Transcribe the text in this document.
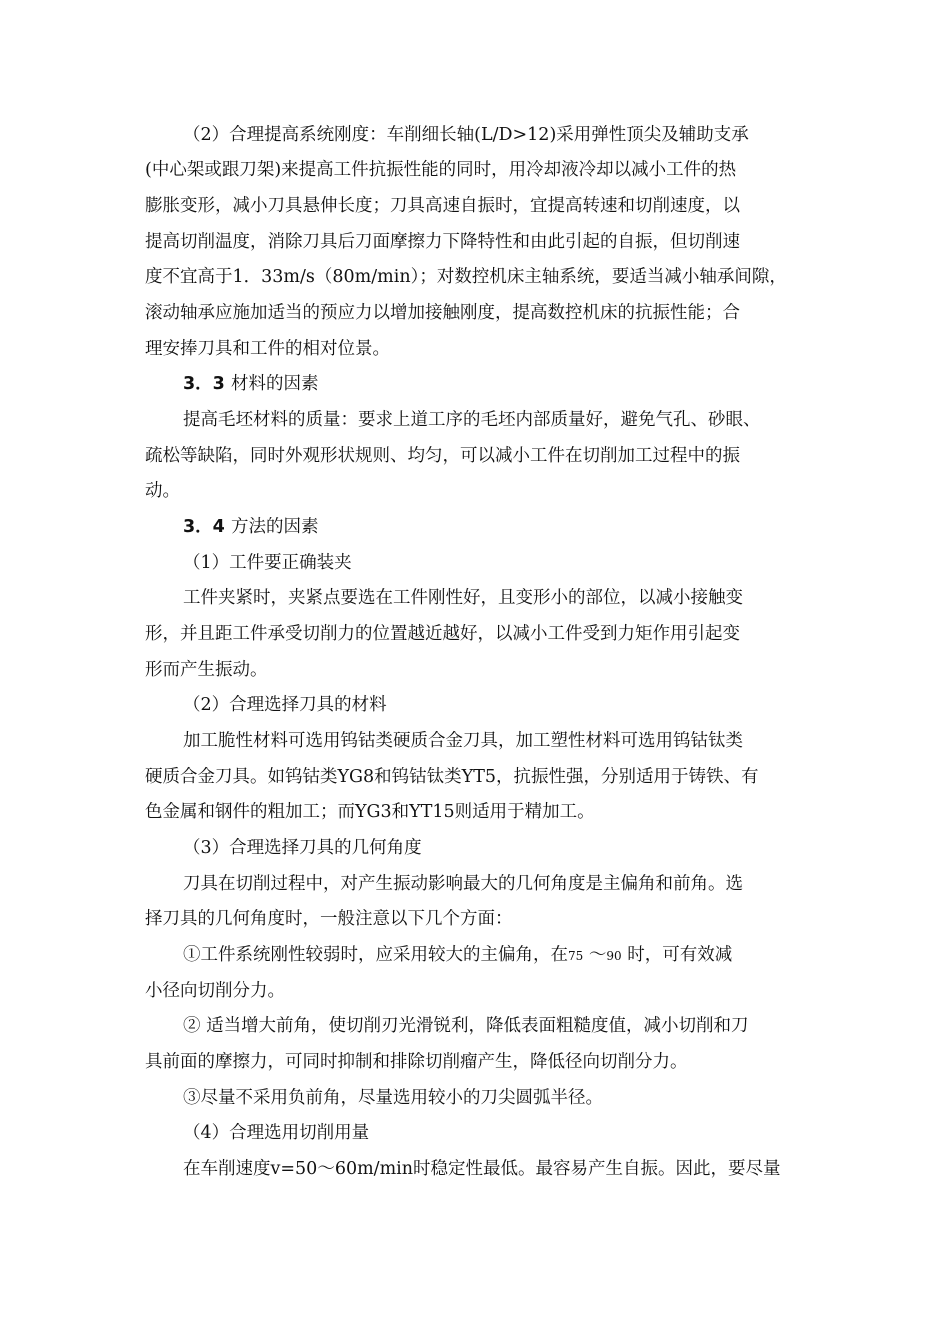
（2）合理提高系统刚度：车削细长轴(L/D>12)采用弹性顶尖及辅助支承
(中心架或跟刀架)来提高工件抗振性能的同时，用冷却液冷却以减小工件的热
膨胀变形，减小刀具悬伸长度；刀具高速自振时，宜提高转速和切削速度，以
提高切削温度，消除刀具后刀面摩擦力下降特性和由此引起的自振，但切削速
度不宜高于1．33m/s（80m/min）；对数控机床主轴系统，要适当减小轴承间隙，
滚动轴承应施加适当的预应力以增加接触刚度，提高数控机床的抗振性能；合
理安捧刀具和工件的相对位景。
3．3 材料的因素
提高毛坯材料的质量：要求上道工序的毛坯内部质量好，避免气孔、砂眼、
疏松等缺陷，同时外观形状规则、均匀，可以减小工件在切削加工过程中的振
动。
3．4 方法的因素
（1）工件要正确装夹
工件夹紧时，夹紧点要选在工件刚性好，且变形小的部位，以减小接触变
形，并且距工件承受切削力的位置越近越好，以减小工件受到力矩作用引起变
形而产生振动。
（2）合理选择刀具的材料
加工脆性材料可选用钨钴类硬质合金刀具，加工塑性材料可选用钨钴钛类
硬质合金刀具。如钨钴类YG8和钨钴钛类YT5，抗振性强，分别适用于铸铁、有
色金属和钢件的粗加工；而YG3和YT15则适用于精加工。
（3）合理选择刀具的几何角度
刀具在切削过程中，对产生振动影响最大的几何角度是主偏角和前角。选
择刀具的几何角度时，一般注意以下几个方面：
①工件系统刚性较弱时，应采用较大的主偏角，在75 ～90 时，可有效减
小径向切削分力。
② 适当增大前角，使切削刃光滑锐利，降低表面粗糙度值，减小切削和刀
具前面的摩擦力，可同时抑制和排除切削瘤产生，降低径向切削分力。
③尽量不采用负前角，尽量选用较小的刀尖圆弧半径。
（4）合理选用切削用量
在车削速度v=50～60m/min时稳定性最低。最容易产生自振。因此，要尽量
